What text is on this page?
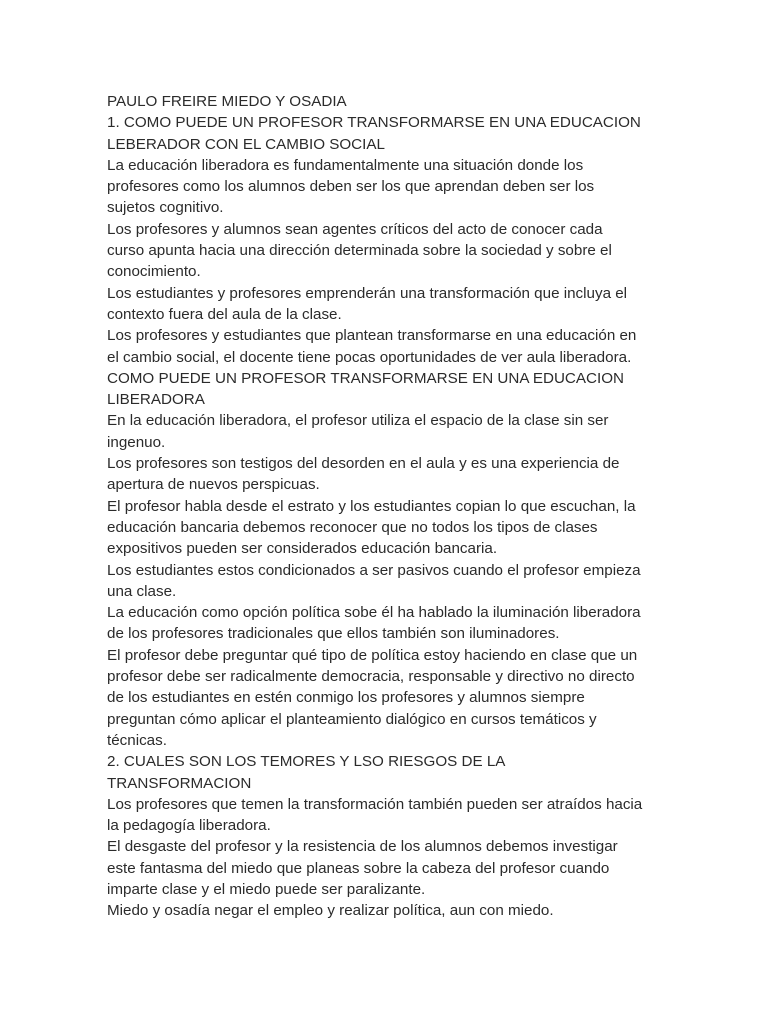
PAULO FREIRE MIEDO Y OSADIA

1. COMO PUEDE UN PROFESOR TRANSFORMARSE EN UNA EDUCACION

LEBERADOR CON EL CAMBIO SOCIAL

La educación liberadora es fundamentalmente una situación donde los

profesores como los alumnos deben ser los que aprendan deben ser los

sujetos cognitivo.

Los profesores y alumnos sean agentes críticos del acto de conocer cada

curso apunta hacia una dirección determinada sobre la sociedad y sobre el

conocimiento.

Los estudiantes y profesores emprenderán una transformación que incluya el

contexto fuera del aula de la clase.

Los profesores y estudiantes que plantean transformarse en una educación en

el cambio social, el docente tiene pocas oportunidades de ver aula liberadora.

COMO PUEDE UN PROFESOR TRANSFORMARSE EN UNA EDUCACION

LIBERADORA

En la educación liberadora, el profesor utiliza el espacio de la clase sin ser

ingenuo.

Los profesores son testigos del desorden en el aula y es una experiencia de

apertura de nuevos perspicuas.

El profesor habla desde el estrato y los estudiantes copian lo que escuchan, la

educación bancaria debemos reconocer que no todos los tipos de clases

expositivos pueden ser considerados educación bancaria.

Los estudiantes estos condicionados a ser pasivos cuando el profesor empieza

una clase.

La educación como opción política sobe él ha hablado la iluminación liberadora

de los profesores tradicionales que ellos también son iluminadores.

El profesor debe preguntar qué tipo de política estoy haciendo en clase que un

profesor debe ser radicalmente democracia, responsable y directivo no directo

de los estudiantes en estén conmigo los profesores y alumnos siempre

preguntan cómo aplicar el planteamiento dialógico en cursos temáticos y

técnicas.

2. CUALES SON LOS TEMORES Y LSO RIESGOS DE LA

TRANSFORMACION

Los profesores que temen la transformación también pueden ser atraídos hacia

la pedagogía liberadora.

El desgaste del profesor y la resistencia de los alumnos debemos investigar

este fantasma del miedo que planeas sobre la cabeza del profesor cuando

imparte clase y el miedo puede ser paralizante.

Miedo y osadía negar el empleo y realizar política, aun con miedo.
